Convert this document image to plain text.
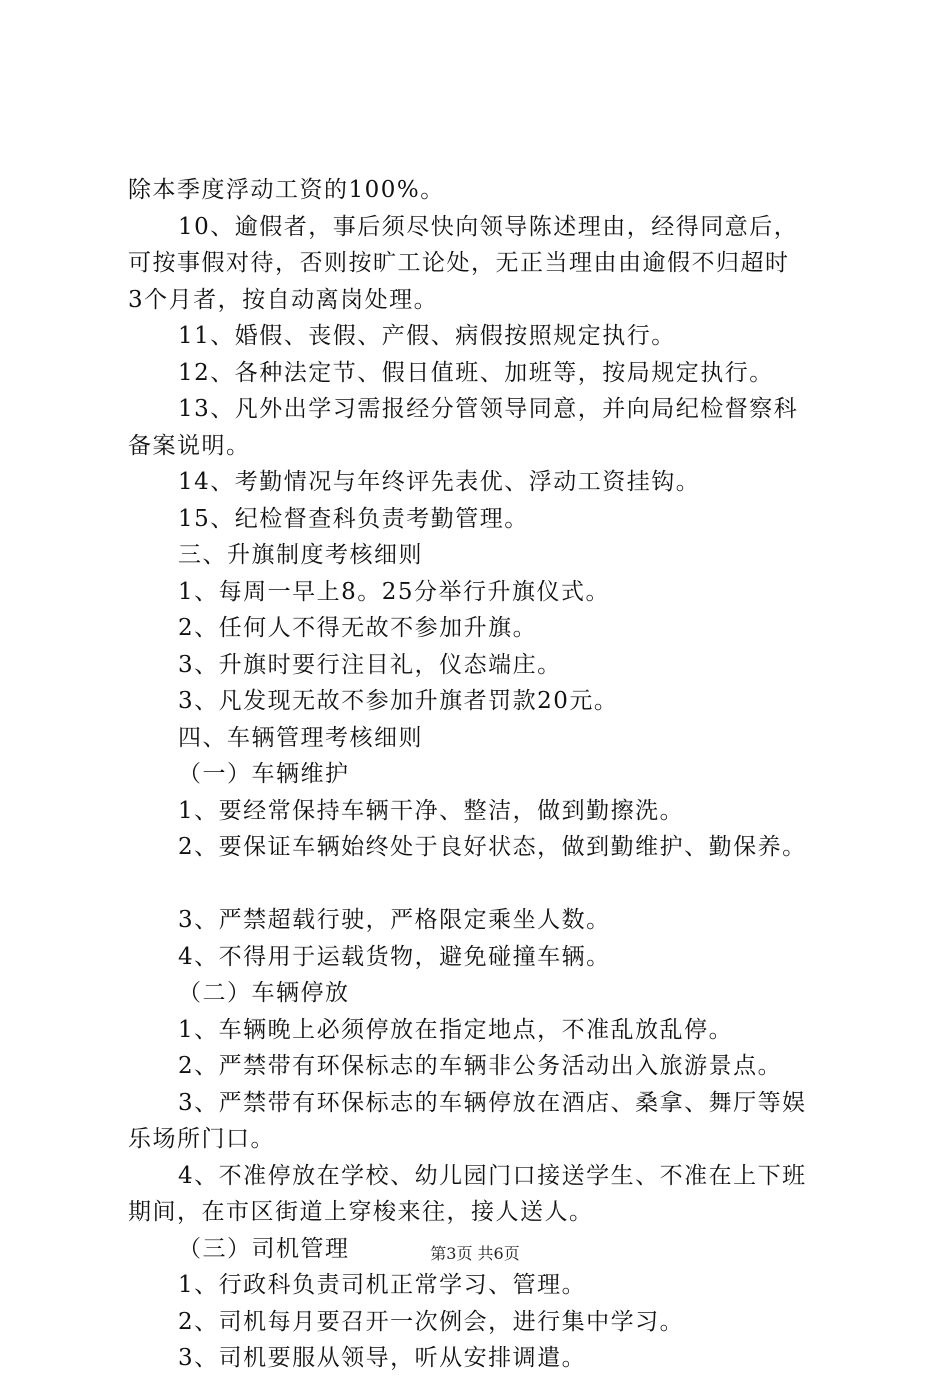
除本季度浮动工资的100%。
10、逾假者，事后须尽快向领导陈述理由，经得同意后，
可按事假对待，否则按旷工论处，无正当理由由逾假不归超时
3个月者，按自动离岗处理。
11、婚假、丧假、产假、病假按照规定执行。
12、各种法定节、假日值班、加班等，按局规定执行。
13、凡外出学习需报经分管领导同意，并向局纪检督察科
备案说明。
14、考勤情况与年终评先表优、浮动工资挂钩。
15、纪检督查科负责考勤管理。
三、升旗制度考核细则
1、每周一早上8。25分举行升旗仪式。
2、任何人不得无故不参加升旗。
3、升旗时要行注目礼，仪态端庄。
3、凡发现无故不参加升旗者罚款20元。
四、车辆管理考核细则
（一）车辆维护
1、要经常保持车辆干净、整洁，做到勤擦洗。
2、要保证车辆始终处于良好状态，做到勤维护、勤保养。
3、严禁超载行驶，严格限定乘坐人数。
4、不得用于运载货物，避免碰撞车辆。
（二）车辆停放
1、车辆晚上必须停放在指定地点，不准乱放乱停。
2、严禁带有环保标志的车辆非公务活动出入旅游景点。
3、严禁带有环保标志的车辆停放在酒店、桑拿、舞厅等娱
乐场所门口。
4、不准停放在学校、幼儿园门口接送学生、不准在上下班
期间，在市区街道上穿梭来往，接人送人。
（三）司机管理
1、行政科负责司机正常学习、管理。
2、司机每月要召开一次例会，进行集中学习。
3、司机要服从领导，听从安排调遣。
第3页 共6页
